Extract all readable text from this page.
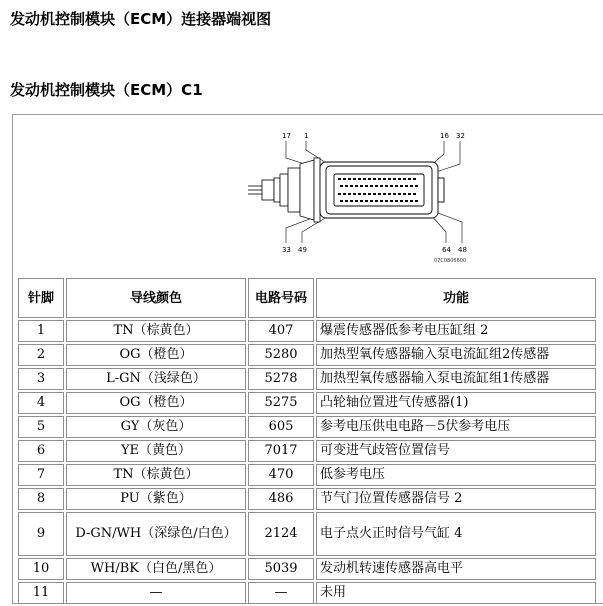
发动机控制模块（ECM）连接器端视图
发动机控制模块（ECM）C1
17 1	16 32
33 49	64 48
07C0806600
针脚	导线颜色	电路号码	功能
1	TN（棕黄色）	407	爆震传感器低参考电压缸组 2
2	OG（橙色）	5280	加热型氧传感器输入泵电流缸组2传感器
3	L-GN（浅绿色）	5278	加热型氧传感器输入泵电流缸组1传感器
4	OG（橙色）	5275	凸轮轴位置进气传感器(1)
5	GY（灰色）	605	参考电压供电电路－5伏参考电压
6	YE（黄色）	7017	可变进气歧管位置信号
7	TN（棕黄色）	470	低参考电压
8	PU（紫色）	486	节气门位置传感器信号 2
9	D-GN/WH（深绿色/白色）	2124	电子点火正时信号气缸 4
10	WH/BK（白色/黑色）	5039	发动机转速传感器高电平
11	—	—	未用
